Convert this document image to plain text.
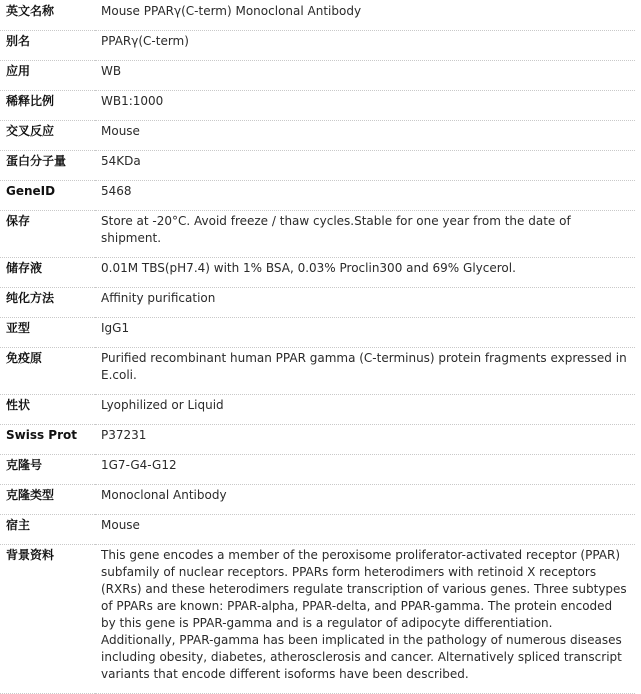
英文名称	Mouse PPARγ(C-term) Monoclonal Antibody
别名	PPARγ(C-term)
应用	WB
稀释比例	WB1:1000
交叉反应	Mouse
蛋白分子量	54KDa
GeneID	5468
保存	Store at -20°C. Avoid freeze / thaw cycles.Stable for one year from the date of shipment.
储存液	0.01M TBS(pH7.4) with 1% BSA, 0.03% Proclin300 and 69% Glycerol.
纯化方法	Affinity purification
亚型	IgG1
免疫原	Purified recombinant human PPAR gamma (C-terminus) protein fragments expressed in E.coli.
性状	Lyophilized or Liquid
Swiss Prot	P37231
克隆号	1G7-G4-G12
克隆类型	Monoclonal Antibody
宿主	Mouse
背景资料	This gene encodes a member of the peroxisome proliferator-activated receptor (PPAR) subfamily of nuclear receptors. PPARs form heterodimers with retinoid X receptors (RXRs) and these heterodimers regulate transcription of various genes. Three subtypes of PPARs are known: PPAR-alpha, PPAR-delta, and PPAR-gamma. The protein encoded by this gene is PPAR-gamma and is a regulator of adipocyte differentiation. Additionally, PPAR-gamma has been implicated in the pathology of numerous diseases including obesity, diabetes, atherosclerosis and cancer. Alternatively spliced transcript variants that encode different isoforms have been described.
